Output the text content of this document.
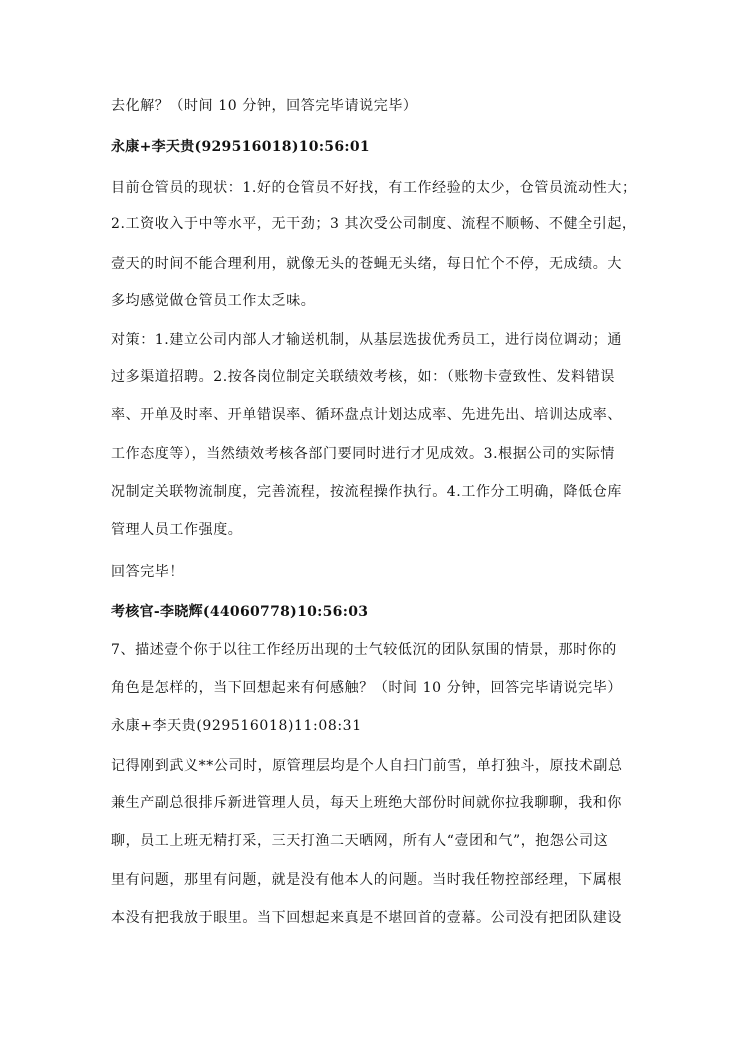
去化解？（时间 10 分钟，回答完毕请说完毕）
永康+李天贵(929516018)10:56:01
目前仓管员的现状：1.好的仓管员不好找，有工作经验的太少，仓管员流动性大；
2.工资收入于中等水平，无干劲；3 其次受公司制度、流程不顺畅、不健全引起，
壹天的时间不能合理利用，就像无头的苍蝇无头绪，每日忙个不停，无成绩。大
多均感觉做仓管员工作太乏味。
对策：1.建立公司内部人才输送机制，从基层选拔优秀员工，进行岗位调动；通
过多渠道招聘。2.按各岗位制定关联绩效考核，如：（账物卡壹致性、发料错误
率、开单及时率、开单错误率、循环盘点计划达成率、先进先出、培训达成率、
工作态度等），当然绩效考核各部门要同时进行才见成效。3.根据公司的实际情
况制定关联物流制度，完善流程，按流程操作执行。4.工作分工明确，降低仓库
管理人员工作强度。
回答完毕！
考核官-李晓辉(44060778)10:56:03
7、描述壹个你于以往工作经历出现的士气较低沉的团队氛围的情景，那时你的
角色是怎样的，当下回想起来有何感触？（时间 10 分钟，回答完毕请说完毕）
永康+李天贵(929516018)11:08:31
记得刚到武义**公司时，原管理层均是个人自扫门前雪，单打独斗，原技术副总
兼生产副总很排斥新进管理人员，每天上班绝大部份时间就你拉我聊聊，我和你
聊，员工上班无精打采，三天打渔二天晒网，所有人“壹团和气”，抱怨公司这
里有问题，那里有问题，就是没有他本人的问题。当时我任物控部经理，下属根
本没有把我放于眼里。当下回想起来真是不堪回首的壹幕。公司没有把团队建设
